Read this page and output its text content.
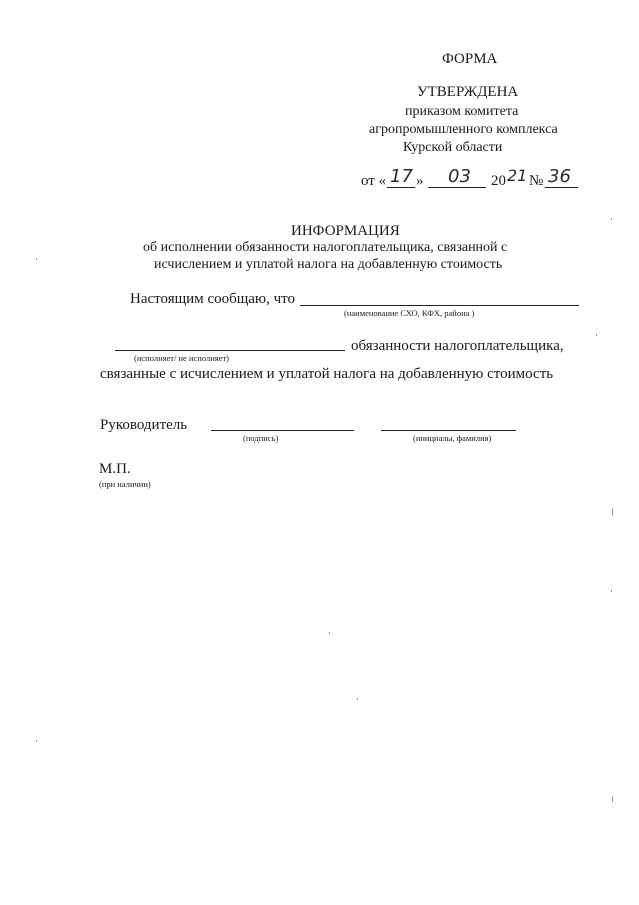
ФОРМА
УТВЕРЖДЕНА
приказом комитета
агропромышленного комплекса
Курской области
от « 17 » 03 20 21 № 36
ИНФОРМАЦИЯ
об исполнении обязанности налогоплательщика, связанной с
исчислением и уплатой налога на добавленную стоимость
Настоящим сообщаю, что
(наименование СХО, КФХ, района )
(исполняет/ не исполняет)
обязанности налогоплательщика,
связанные с исчислением и уплатой налога на добавленную стоимость
Руководитель
(подпись)	(инициалы, фамилия)
М.П.
(при наличии)
